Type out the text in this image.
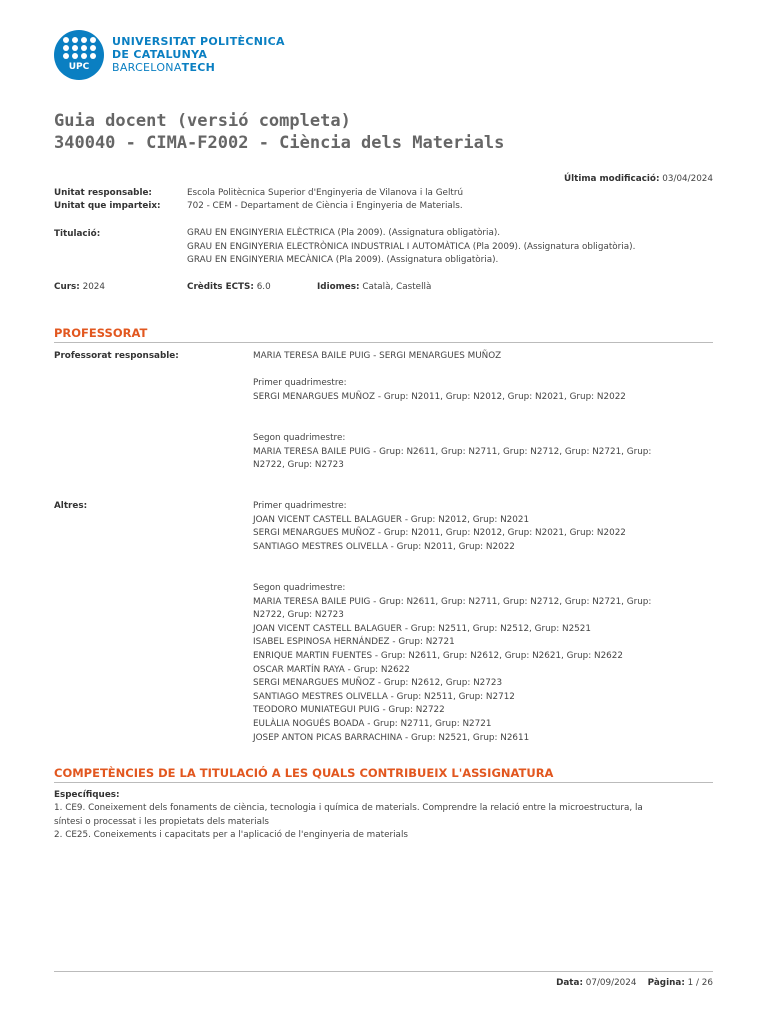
UPC
UNIVERSITAT POLITÈCNICA
DE CATALUNYA
BARCELONATECH
Guia docent (versió completa)
340040 - CIMA-F2002 - Ciència dels Materials
Última modificació: 03/04/2024
Unitat responsable:	Escola Politècnica Superior d'Enginyeria de Vilanova i la Geltrú
Unitat que imparteix:	702 - CEM - Departament de Ciència i Enginyeria de Materials.
Titulació:	GRAU EN ENGINYERIA ELÈCTRICA (Pla 2009). (Assignatura obligatòria).
GRAU EN ENGINYERIA ELECTRÒNICA INDUSTRIAL I AUTOMÀTICA (Pla 2009). (Assignatura obligatòria).
GRAU EN ENGINYERIA MECÀNICA (Pla 2009). (Assignatura obligatòria).
Curs: 2024	Crèdits ECTS: 6.0	Idiomes: Català, Castellà
PROFESSORAT
Professorat responsable:	MARIA TERESA BAILE PUIG - SERGI MENARGUES MUÑOZ
Primer quadrimestre:
SERGI MENARGUES MUÑOZ - Grup: N2011, Grup: N2012, Grup: N2021, Grup: N2022
Segon quadrimestre:
MARIA TERESA BAILE PUIG - Grup: N2611, Grup: N2711, Grup: N2712, Grup: N2721, Grup:
N2722, Grup: N2723
Altres:	Primer quadrimestre:
JOAN VICENT CASTELL BALAGUER - Grup: N2012, Grup: N2021
SERGI MENARGUES MUÑOZ - Grup: N2011, Grup: N2012, Grup: N2021, Grup: N2022
SANTIAGO MESTRES OLIVELLA - Grup: N2011, Grup: N2022
Segon quadrimestre:
MARIA TERESA BAILE PUIG - Grup: N2611, Grup: N2711, Grup: N2712, Grup: N2721, Grup:
N2722, Grup: N2723
JOAN VICENT CASTELL BALAGUER - Grup: N2511, Grup: N2512, Grup: N2521
ISABEL ESPINOSA HERNÁNDEZ - Grup: N2721
ENRIQUE MARTIN FUENTES - Grup: N2611, Grup: N2612, Grup: N2621, Grup: N2622
OSCAR MARTÍN RAYA - Grup: N2622
SERGI MENARGUES MUÑOZ - Grup: N2612, Grup: N2723
SANTIAGO MESTRES OLIVELLA - Grup: N2511, Grup: N2712
TEODORO MUNIATEGUI PUIG - Grup: N2722
EULÀLIA NOGUÉS BOADA - Grup: N2711, Grup: N2721
JOSEP ANTON PICAS BARRACHINA - Grup: N2521, Grup: N2611
COMPETÈNCIES DE LA TITULACIÓ A LES QUALS CONTRIBUEIX L'ASSIGNATURA
Específiques:
1. CE9. Coneixement dels fonaments de ciència, tecnologia i química de materials. Comprendre la relació entre la microestructura, la
síntesi o processat i les propietats dels materials
2. CE25. Coneixements i capacitats per a l'aplicació de l'enginyeria de materials
Data: 07/09/2024 Pàgina: 1 / 26
